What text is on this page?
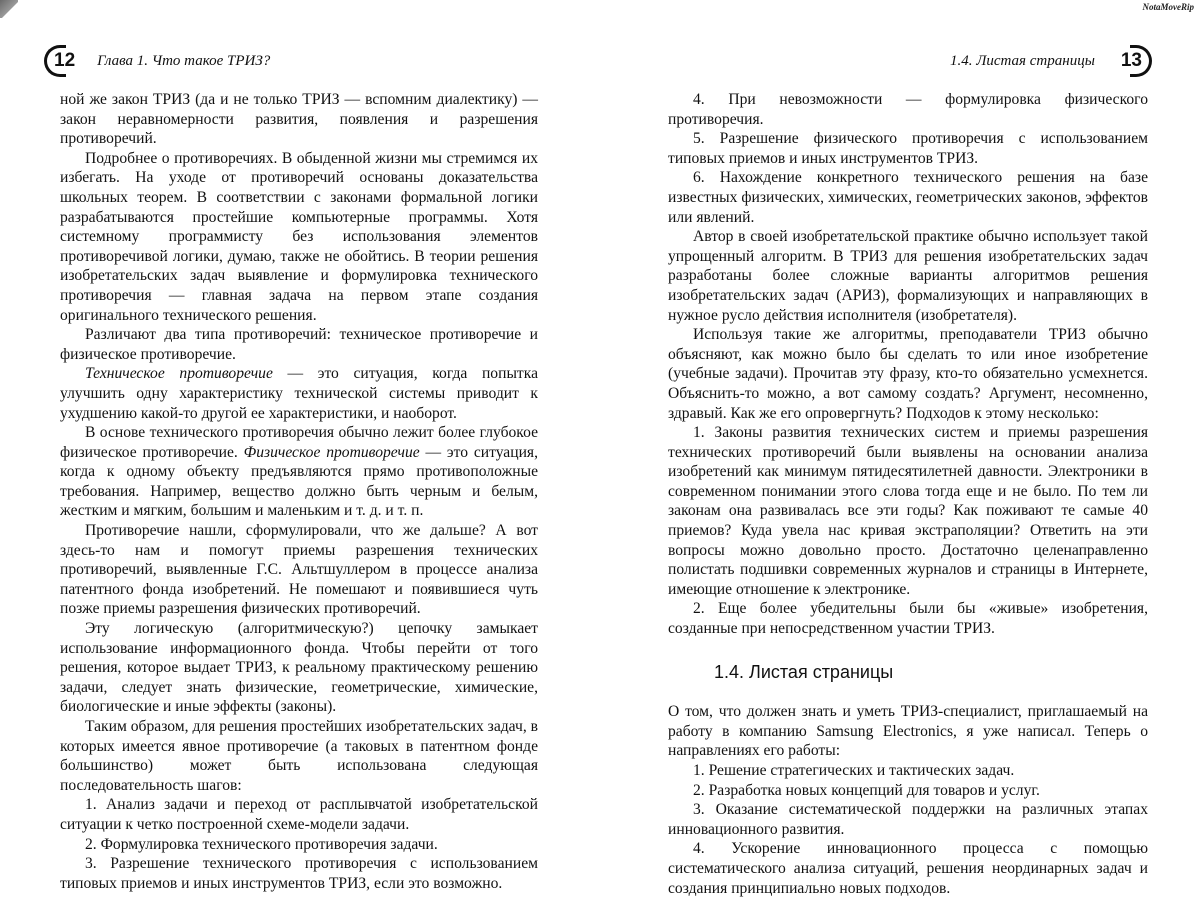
NotaMoveRip
12 Глава 1. Что такое ТРИЗ?	1.4. Листая страницы 13

ной же закон ТРИЗ (да и не только ТРИЗ — вспомним диалектику) — закон неравномерности развития, появления и разрешения противоречий.

Подробнее о противоречиях. В обыденной жизни мы стремимся их избегать. На уходе от противоречий основаны доказательства школьных теорем. В соответствии с законами формальной логики разрабатываются простейшие компьютерные программы. Хотя системному программисту без использования элементов противоречивой логики, думаю, также не обойтись. В теории решения изобретательских задач выявление и формулировка технического противоречия — главная задача на первом этапе создания оригинального технического решения.

Различают два типа противоречий: техническое противоречие и физическое противоречие.

Техническое противоречие — это ситуация, когда попытка улучшить одну характеристику технической системы приводит к ухудшению какой-то другой ее характеристики, и наоборот.

В основе технического противоречия обычно лежит более глубокое физическое противоречие. Физическое противоречие — это ситуация, когда к одному объекту предъявляются прямо противоположные требования. Например, вещество должно быть черным и белым, жестким и мягким, большим и маленьким и т. д. и т. п.

Противоречие нашли, сформулировали, что же дальше? А вот здесь-то нам и помогут приемы разрешения технических противоречий, выявленные Г.С. Альтшуллером в процессе анализа патентного фонда изобретений. Не помешают и появившиеся чуть позже приемы разрешения физических противоречий.

Эту логическую (алгоритмическую?) цепочку замыкает использование информационного фонда. Чтобы перейти от того решения, которое выдает ТРИЗ, к реальному практическому решению задачи, следует знать физические, геометрические, химические, биологические и иные эффекты (законы).

Таким образом, для решения простейших изобретательских задач, в которых имеется явное противоречие (а таковых в патентном фонде большинство) может быть использована следующая последовательность шагов:

1. Анализ задачи и переход от расплывчатой изобретательской ситуации к четко построенной схеме-модели задачи.

2. Формулировка технического противоречия задачи.

3. Разрешение технического противоречия с использованием типовых приемов и иных инструментов ТРИЗ, если это возможно.

4. При невозможности — формулировка физического противоречия.

5. Разрешение физического противоречия с использованием типовых приемов и иных инструментов ТРИЗ.

6. Нахождение конкретного технического решения на базе известных физических, химических, геометрических законов, эффектов или явлений.

Автор в своей изобретательской практике обычно использует такой упрощенный алгоритм. В ТРИЗ для решения изобретательских задач разработаны более сложные варианты алгоритмов решения изобретательских задач (АРИЗ), формализующих и направляющих в нужное русло действия исполнителя (изобретателя).

Используя такие же алгоритмы, преподаватели ТРИЗ обычно объясняют, как можно было бы сделать то или иное изобретение (учебные задачи). Прочитав эту фразу, кто-то обязательно усмехнется. Объяснить-то можно, а вот самому создать? Аргумент, несомненно, здравый. Как же его опровергнуть? Подходов к этому несколько:

1. Законы развития технических систем и приемы разрешения технических противоречий были выявлены на основании анализа изобретений как минимум пятидесятилетней давности. Электроники в современном понимании этого слова тогда еще и не было. По тем ли законам она развивалась все эти годы? Как поживают те самые 40 приемов? Куда увела нас кривая экстраполяции? Ответить на эти вопросы можно довольно просто. Достаточно целенаправленно полистать подшивки современных журналов и страницы в Интернете, имеющие отношение к электронике.

2. Еще более убедительны были бы «живые» изобретения, созданные при непосредственном участии ТРИЗ.

1.4. Листая страницы

О том, что должен знать и уметь ТРИЗ-специалист, приглашаемый на работу в компанию Samsung Electronics, я уже написал. Теперь о направлениях его работы:

1. Решение стратегических и тактических задач.

2. Разработка новых концепций для товаров и услуг.

3. Оказание систематической поддержки на различных этапах инновационного развития.

4. Ускорение инновационного процесса с помощью систематического анализа ситуаций, решения неординарных задач и создания принципиально новых подходов.
